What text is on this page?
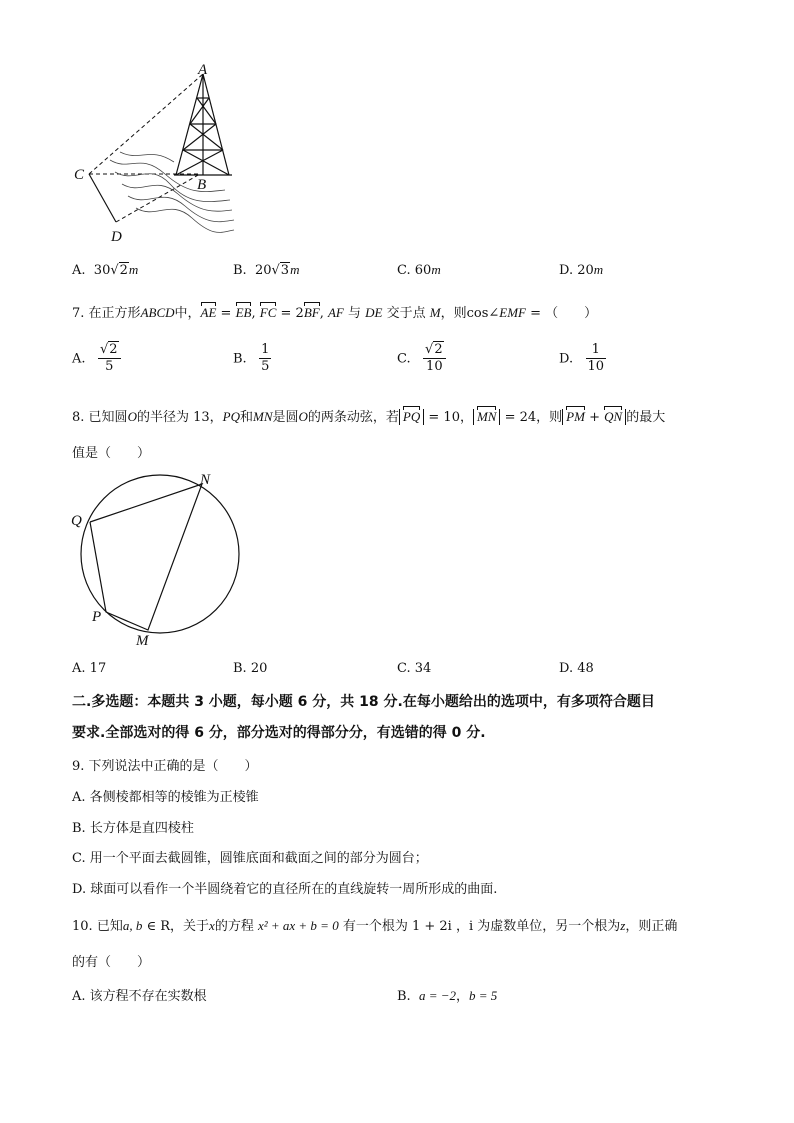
A
B
C
D
A. 30√2m	B. 20√3m	C. 60m	D. 20m
7. 在正方形ABCD中，AE = EB, FC = 2BF, AF 与 DE 交于点 M，则cos∠EMF = （　　）
A. $\frac{√2}{5}$	B. $\frac{1}{5}$	C. $\frac{√2}{10}$	D. $\frac{1}{10}$
8. 已知圆O的半径为 13，PQ和MN是圆O的两条动弦，若 PQ = 10， MN = 24，则 PM + QN 的最大
值是（　　）
N
Q
P
M
A. 17	B. 20	C. 34	D. 48
二.多选题：本题共 3 小题，每小题 6 分，共 18 分.在每小题给出的选项中，有多项符合题目
要求.全部选对的得 6 分，部分选对的得部分分，有选错的得 0 分.
9. 下列说法中正确的是（　　）
A. 各侧棱都相等的棱锥为正棱锥
B. 长方体是直四棱柱
C. 用一个平面去截圆锥，圆锥底面和截面之间的部分为圆台；
D. 球面可以看作一个半圆绕着它的直径所在的直线旋转一周所形成的曲面.
10. 已知a, b ∈ R，关于x的方程 x² + ax + b = 0 有一个根为 1 + 2i ，i 为虚数单位，另一个根为z，则正确
的有（　　）
A. 该方程不存在实数根	B. a = −2，b = 5
